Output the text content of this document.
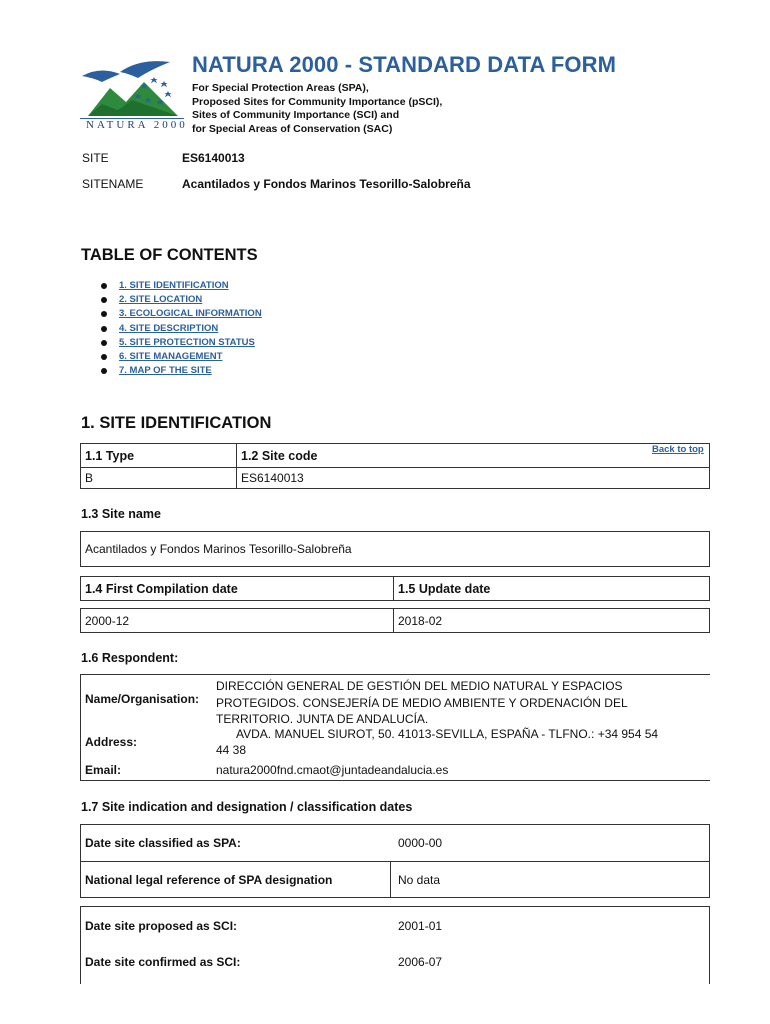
NATURA 2000
NATURA 2000 - STANDARD DATA FORM
For Special Protection Areas (SPA),
Proposed Sites for Community Importance (pSCI),
Sites of Community Importance (SCI) and
for Special Areas of Conservation (SAC)
SITE	ES6140013
SITENAME	Acantilados y Fondos Marinos Tesorillo-Salobreña
TABLE OF CONTENTS
1. SITE IDENTIFICATION
2. SITE LOCATION
3. ECOLOGICAL INFORMATION
4. SITE DESCRIPTION
5. SITE PROTECTION STATUS
6. SITE MANAGEMENT
7. MAP OF THE SITE
1. SITE IDENTIFICATION
Back to top
1.1 Type	1.2 Site code
B	ES6140013
1.3 Site name
Acantilados y Fondos Marinos Tesorillo-Salobreña
1.4 First Compilation date	1.5 Update date
2000-12	2018-02
1.6 Respondent:
Name/Organisation:
DIRECCIÓN GENERAL DE GESTIÓN DEL MEDIO NATURAL Y ESPACIOS
PROTEGIDOS. CONSEJERÍA DE MEDIO AMBIENTE Y ORDENACIÓN DEL
TERRITORIO. JUNTA DE ANDALUCÍA.
Address:
AVDA. MANUEL SIUROT, 50. 41013-SEVILLA, ESPAÑA - TLFNO.: +34 954 54
44 38
Email:	natura2000fnd.cmaot@juntadeandalucia.es
1.7 Site indication and designation / classification dates
Date site classified as SPA:	0000-00
National legal reference of SPA designation	No data
Date site proposed as SCI:	2001-01
Date site confirmed as SCI:	2006-07
